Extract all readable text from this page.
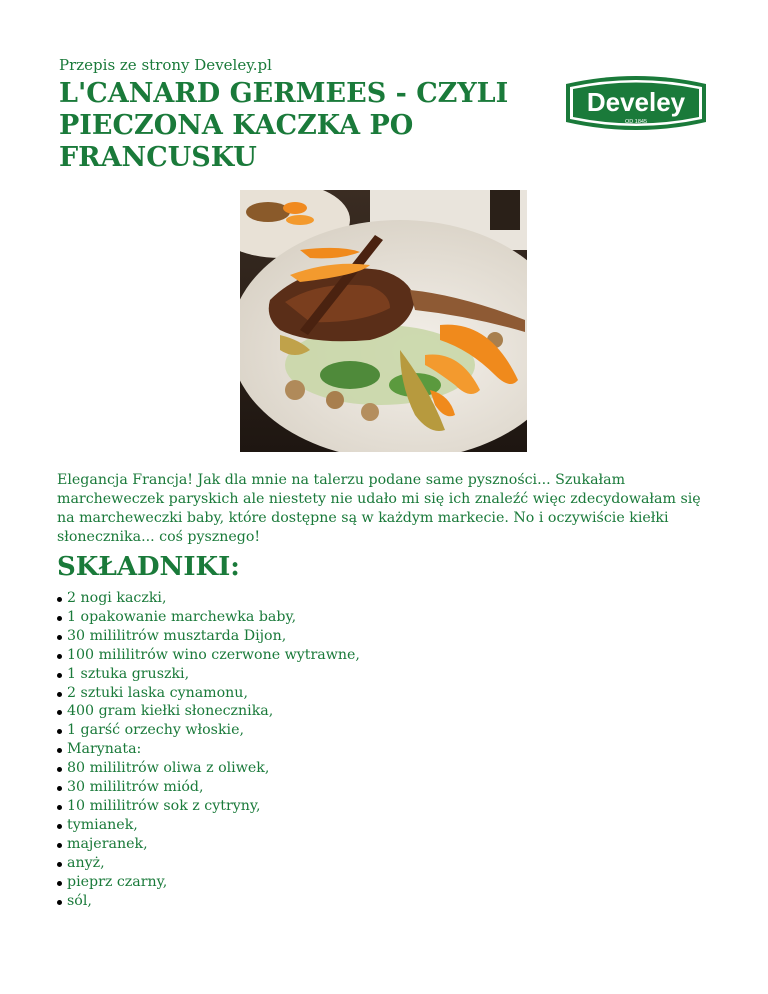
Przepis ze strony Develey.pl
L'CANARD GERMEES - CZYLI PIECZONA KACZKA PO FRANCUSKU
Develey
OD 1845

Elegancja Francja! Jak dla mnie na talerzu podane same pyszności... Szukałam marcheweczek paryskich ale niestety nie udało mi się ich znaleźć więc zdecydowałam się na marcheweczki baby, które dostępne są w każdym markecie. No i oczywiście kiełki słonecznika... coś pysznego!

SKŁADNIKI:
2 nogi kaczki,
1 opakowanie marchewka baby,
30 mililitrów musztarda Dijon,
100 mililitrów wino czerwone wytrawne,
1 sztuka gruszki,
2 sztuki laska cynamonu,
400 gram kiełki słonecznika,
1 garść orzechy włoskie,
Marynata:
80 mililitrów oliwa z oliwek,
30 mililitrów miód,
10 mililitrów sok z cytryny,
tymianek,
majeranek,
anyż,
pieprz czarny,
sól,
